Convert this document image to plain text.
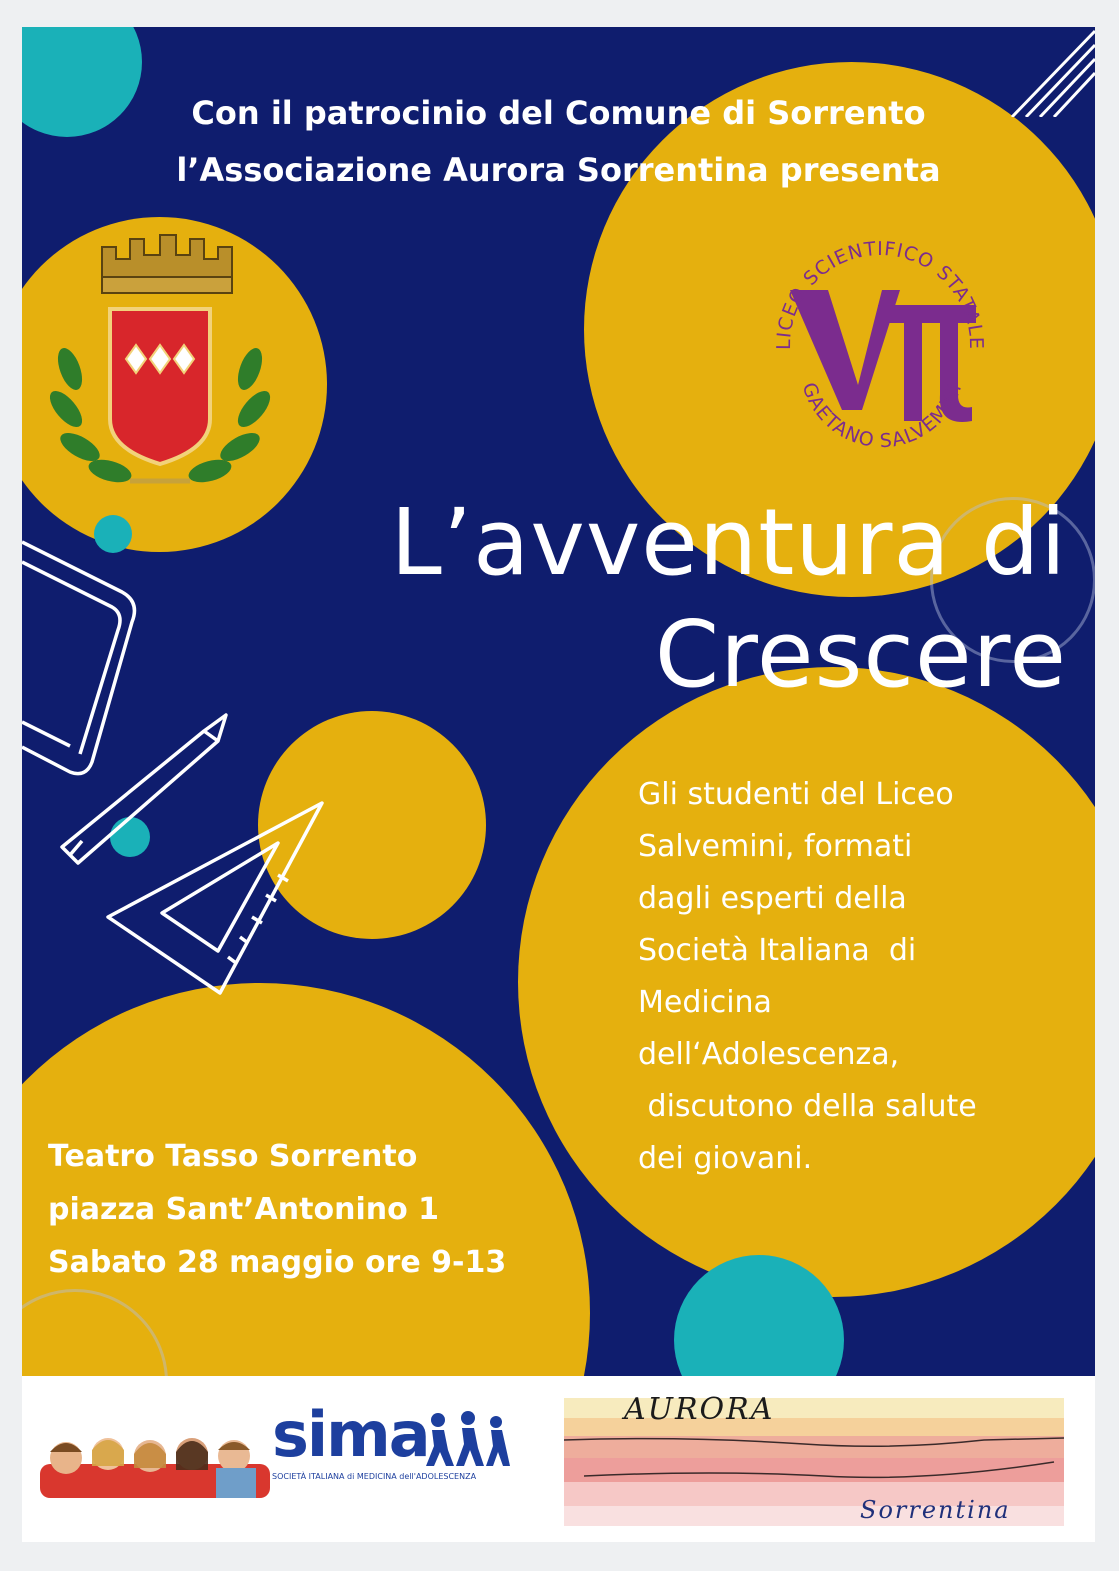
LICEO SCIENTIFICO STATALE
GAETANO SALVEMINI
Con il patrocinio del Comune di Sorrento
l’Associazione Aurora Sorrentina presenta
L’avventura di
Crescere
Gli studenti del Liceo
Salvemini, formati
dagli esperti della
Società Italiana  di
Medicina
dell‘Adolescenza,
discutono della salute
dei giovani.
Teatro Tasso Sorrento
piazza Sant’Antonino 1
Sabato 28 maggio ore 9-13
sima
SOCIETÀ ITALIANA di MEDICINA dell'ADOLESCENZA
AURORA
Sorrentina
